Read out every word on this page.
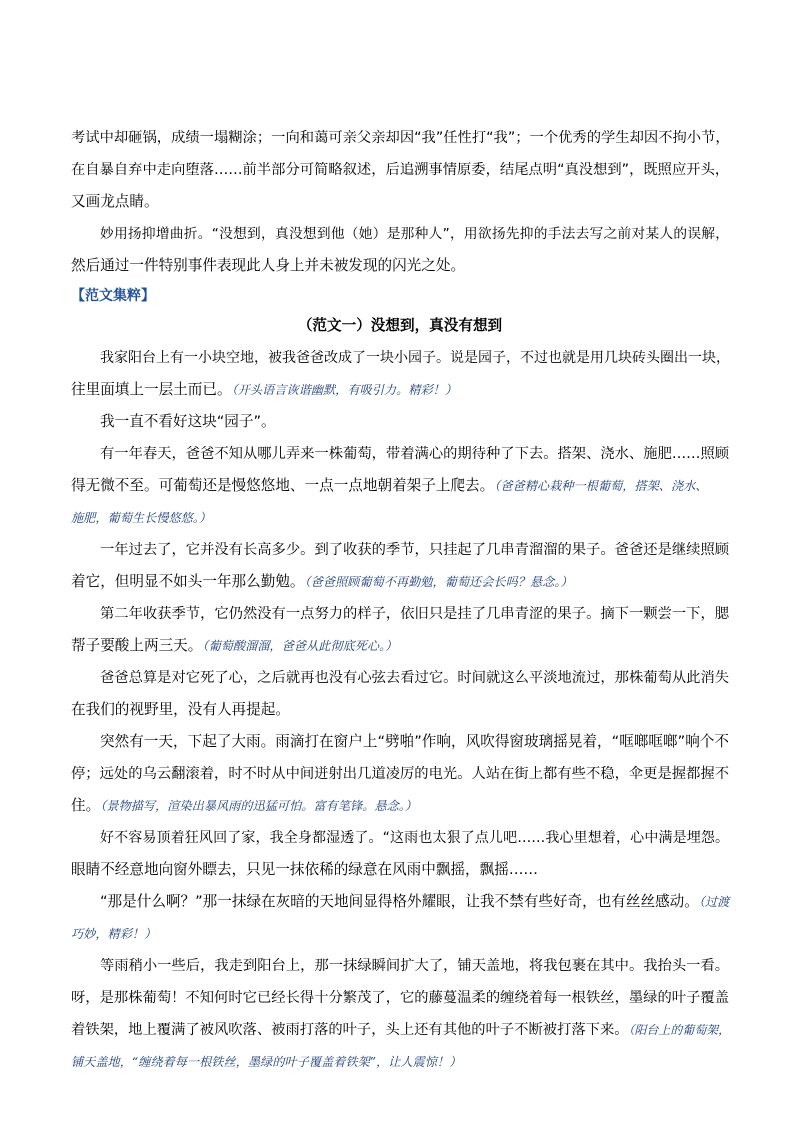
考试中却砸锅，成绩一塌糊涂；一向和蔼可亲父亲却因“我”任性打“我”；一个优秀的学生却因不拘小节，
在自暴自弃中走向堕落……前半部分可简略叙述，后追溯事情原委，结尾点明“真没想到”，既照应开头，
又画龙点睛。
妙用扬抑增曲折。“没想到，真没想到他（她）是那种人”，用欲扬先抑的手法去写之前对某人的误解，
然后通过一件特别事件表现此人身上并未被发现的闪光之处。
【范文集粹】
（范文一）没想到，真没有想到
我家阳台上有一小块空地，被我爸爸改成了一块小园子。说是园子，不过也就是用几块砖头圈出一块，
往里面填上一层土而已。（开头语言诙谐幽默，有吸引力。精彩！）
我一直不看好这块“园子”。
有一年春天，爸爸不知从哪儿弄来一株葡萄，带着满心的期待种了下去。搭架、浇水、施肥……照顾
得无微不至。可葡萄还是慢悠悠地、一点一点地朝着架子上爬去。（爸爸精心栽种一根葡萄，搭架、浇水、
施肥，葡萄生长慢悠悠。）
一年过去了，它并没有长高多少。到了收获的季节，只挂起了几串青溜溜的果子。爸爸还是继续照顾
着它，但明显不如头一年那么勤勉。（爸爸照顾葡萄不再勤勉，葡萄还会长吗？悬念。）
第二年收获季节，它仍然没有一点努力的样子，依旧只是挂了几串青涩的果子。摘下一颗尝一下，腮
帮子要酸上两三天。（葡萄酸溜溜，爸爸从此彻底死心。）
爸爸总算是对它死了心，之后就再也没有心弦去看过它。时间就这么平淡地流过，那株葡萄从此消失
在我们的视野里，没有人再提起。
突然有一天，下起了大雨。雨滴打在窗户上“劈啪”作响，风吹得窗玻璃摇晃着，“哐啷哐啷”响个不
停；远处的乌云翻滚着，时不时从中间迸射出几道凌厉的电光。人站在街上都有些不稳，伞更是握都握不
住。（景物描写，渲染出暴风雨的迅猛可怕。富有笔锋。悬念。）
好不容易顶着狂风回了家，我全身都湿透了。“这雨也太狠了点儿吧……我心里想着，心中满是埋怨。
眼睛不经意地向窗外瞟去，只见一抹依稀的绿意在风雨中飘摇，飘摇……
“那是什么啊？”那一抹绿在灰暗的天地间显得格外耀眼，让我不禁有些好奇，也有丝丝感动。（过渡
巧妙，精彩！）
等雨稍小一些后，我走到阳台上，那一抹绿瞬间扩大了，铺天盖地，将我包裹在其中。我抬头一看。
呀，是那株葡萄！不知何时它已经长得十分繁茂了，它的藤蔓温柔的缠绕着每一根铁丝，墨绿的叶子覆盖
着铁架，地上覆满了被风吹落、被雨打落的叶子，头上还有其他的叶子不断被打落下来。（阳台上的葡萄架，
铺天盖地，“缠绕着每一根铁丝，墨绿的叶子覆盖着铁架”，让人震惊！）
